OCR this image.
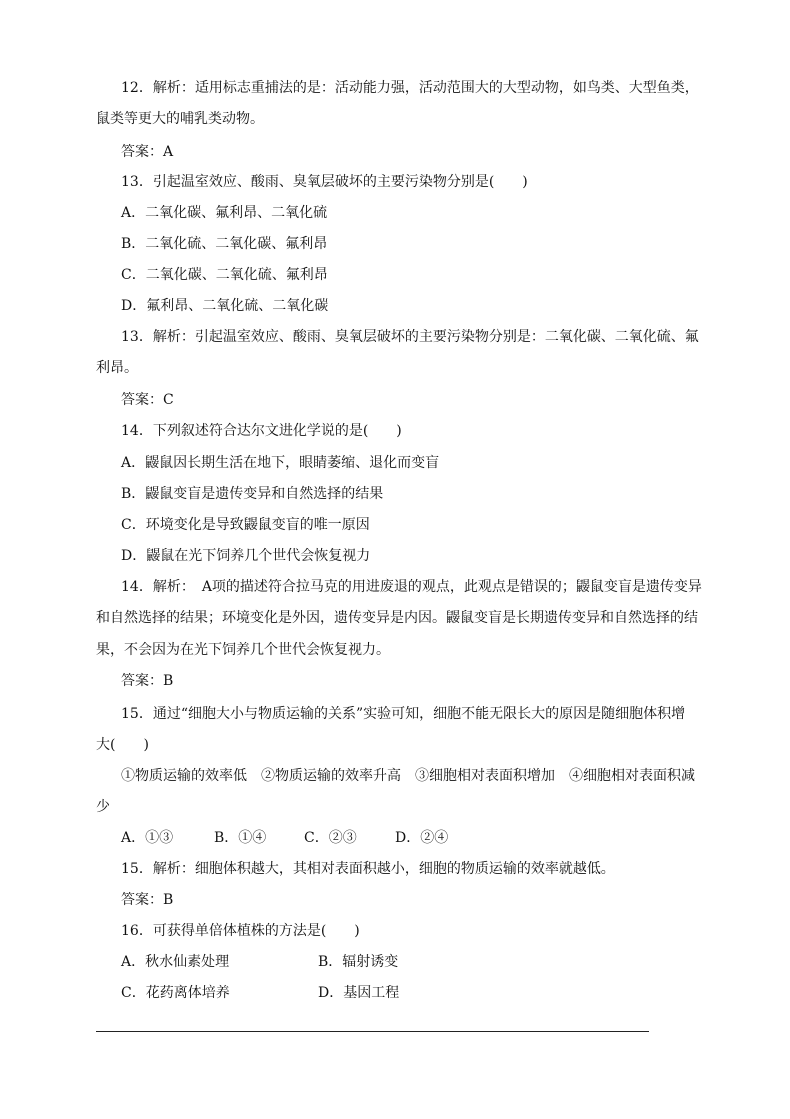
12．解析：适用标志重捕法的是：活动能力强，活动范围大的大型动物，如鸟类、大型鱼类，
鼠类等更大的哺乳类动物。
答案：A
13．引起温室效应、酸雨、臭氧层破坏的主要污染物分别是(　　)
A．二氧化碳、氟利昂、二氧化硫
B．二氧化硫、二氧化碳、氟利昂
C．二氧化碳、二氧化硫、氟利昂
D．氟利昂、二氧化硫、二氧化碳
13．解析：引起温室效应、酸雨、臭氧层破坏的主要污染物分别是：二氧化碳、二氧化硫、氟
利昂。
答案：C
14．下列叙述符合达尔文进化学说的是(　　)
A．鼹鼠因长期生活在地下，眼睛萎缩、退化而变盲
B．鼹鼠变盲是遗传变异和自然选择的结果
C．环境变化是导致鼹鼠变盲的唯一原因
D．鼹鼠在光下饲养几个世代会恢复视力
14．解析：　A项的描述符合拉马克的用进废退的观点，此观点是错误的；鼹鼠变盲是遗传变异
和自然选择的结果；环境变化是外因，遗传变异是内因。鼹鼠变盲是长期遗传变异和自然选择的结
果，不会因为在光下饲养几个世代会恢复视力。
答案：B
15．通过“细胞大小与物质运输的关系”实验可知，细胞不能无限长大的原因是随细胞体积增
大(　　)
①物质运输的效率低　②物质运输的效率升高　③细胞相对表面积增加　④细胞相对表面积减
少
A．①③	B．①④	C．②③	D．②④
15．解析：细胞体积越大，其相对表面积越小，细胞的物质运输的效率就越低。
答案：B
16．可获得单倍体植株的方法是(　　)
A．秋水仙素处理	B．辐射诱变
C．花药离体培养	D．基因工程
